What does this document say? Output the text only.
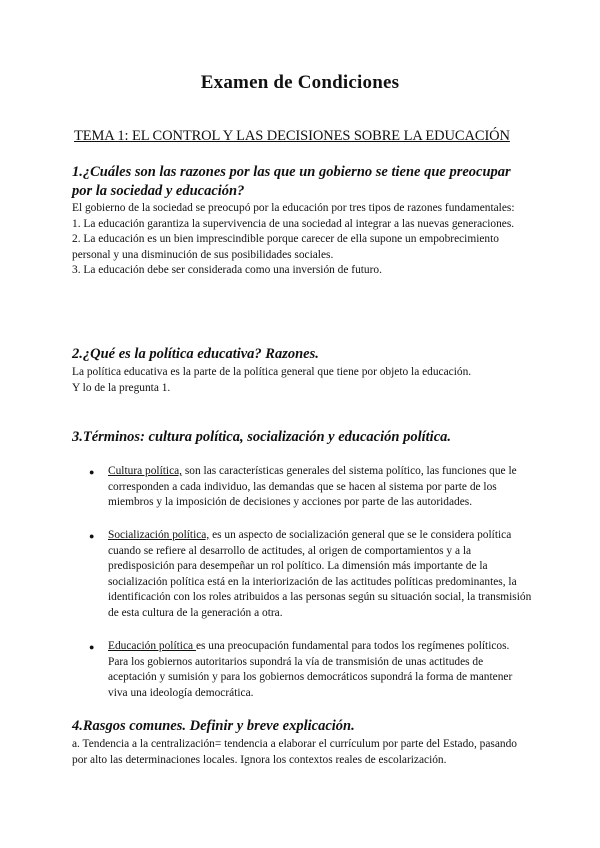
Examen de Condiciones
TEMA 1: EL CONTROL Y LAS DECISIONES SOBRE LA EDUCACIÓN
1.¿Cuáles son las razones por las que un gobierno se tiene que preocupar por la sociedad y educación?
El gobierno de la sociedad se preocupó por la educación por tres tipos de razones fundamentales:
1. La educación garantiza la supervivencia de una sociedad al integrar a las nuevas generaciones.
2. La educación es un bien imprescindible porque carecer de ella supone un empobrecimiento personal y una disminución de sus posibilidades sociales.
3. La educación debe ser considerada como una inversión de futuro.
2.¿Qué es la política educativa? Razones.
La política educativa es la parte de la política general que tiene por objeto la educación.
Y lo de la pregunta 1.
3.Términos: cultura política, socialización y educación política.
● Cultura política, son las características generales del sistema político, las funciones que le corresponden a cada individuo, las demandas que se hacen al sistema por parte de los miembros y la imposición de decisiones y acciones por parte de las autoridades.
● Socialización política, es un aspecto de socialización general que se le considera política cuando se refiere al desarrollo de actitudes, al origen de comportamientos y a la predisposición para desempeñar un rol político. La dimensión más importante de la socialización política está en la interiorización de las actitudes políticas predominantes, la identificación con los roles atribuidos a las personas según su situación social, la transmisión de esta cultura de la generación a otra.
● Educación política es una preocupación fundamental para todos los regímenes políticos. Para los gobiernos autoritarios supondrá la vía de transmisión de unas actitudes de aceptación y sumisión y para los gobiernos democráticos supondrá la forma de mantener viva una ideología democrática.
4.Rasgos comunes. Definir y breve explicación.
a. Tendencia a la centralización= tendencia a elaborar el currículum por parte del Estado, pasando por alto las determinaciones locales. Ignora los contextos reales de escolarización.
